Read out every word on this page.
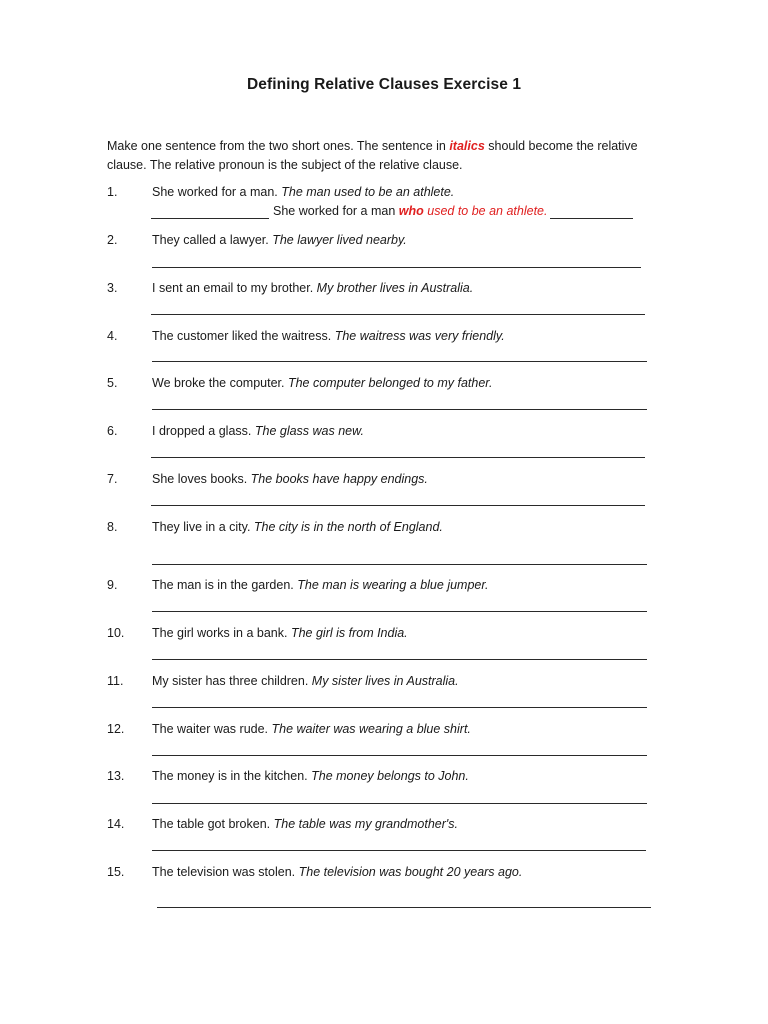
Defining Relative Clauses Exercise 1
Make one sentence from the two short ones. The sentence in italics should become the relative clause. The relative pronoun is the subject of the relative clause.
1.	She worked for a man. The man used to be an athlete.
She worked for a man who used to be an athlete.
2.	They called a lawyer. The lawyer lived nearby.
3.	I sent an email to my brother. My brother lives in Australia.
4.	The customer liked the waitress. The waitress was very friendly.
5.	We broke the computer. The computer belonged to my father.
6.	I dropped a glass. The glass was new.
7.	She loves books. The books have happy endings.
8.	They live in a city. The city is in the north of England.
9.	The man is in the garden. The man is wearing a blue jumper.
10. The girl works in a bank. The girl is from India.
11. My sister has three children. My sister lives in Australia.
12. The waiter was rude. The waiter was wearing a blue shirt.
13. The money is in the kitchen. The money belongs to John.
14. The table got broken. The table was my grandmother's.
15. The television was stolen. The television was bought 20 years ago.
